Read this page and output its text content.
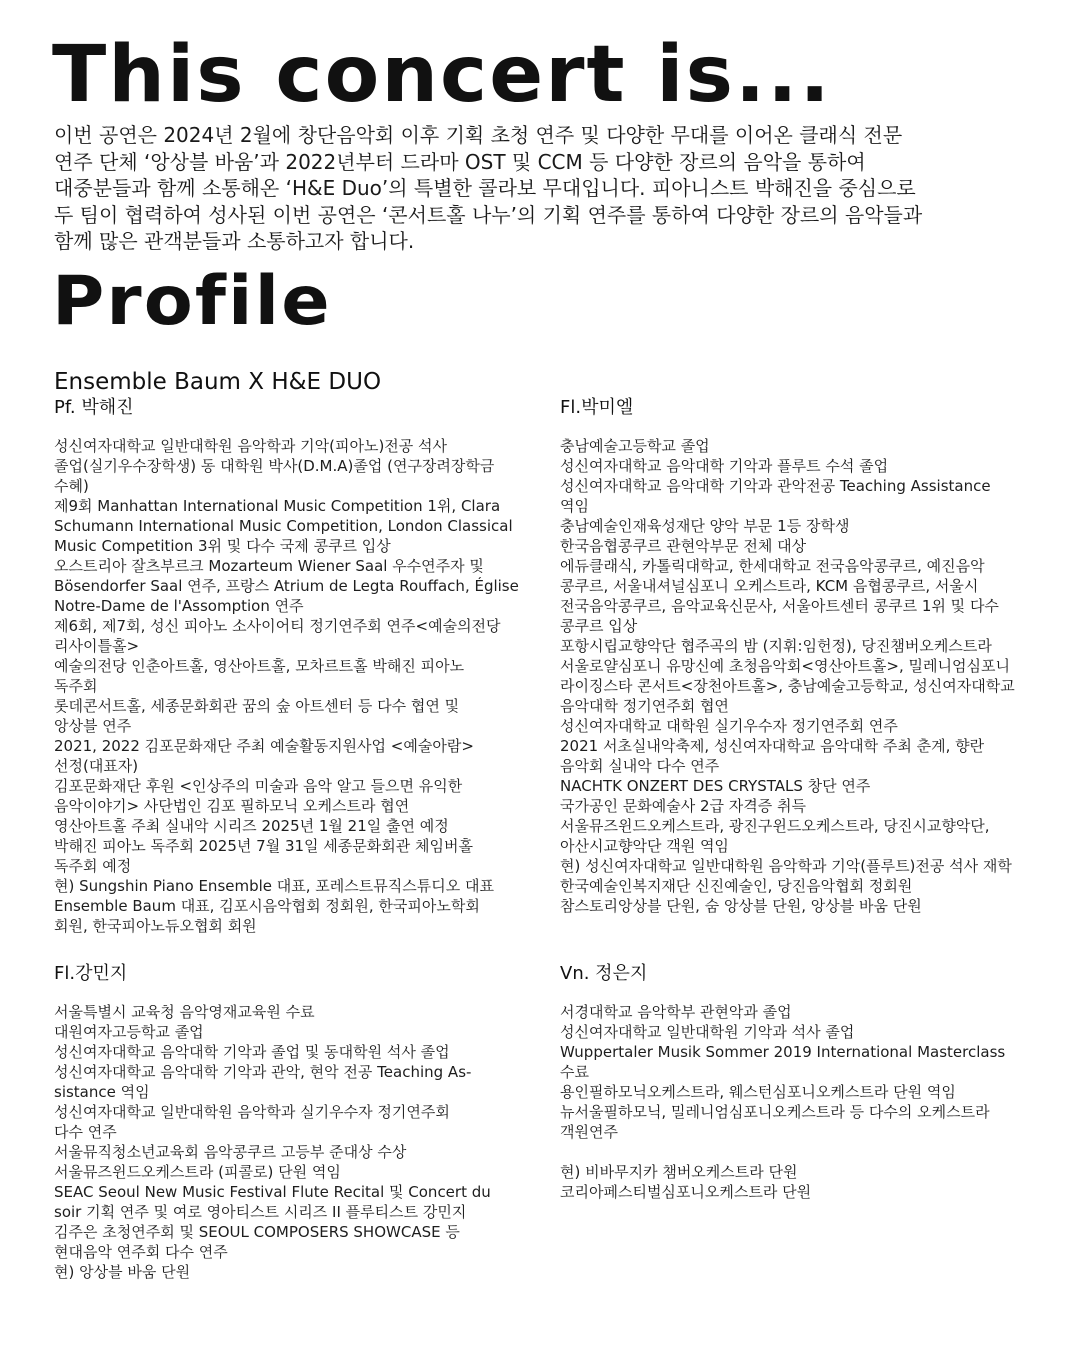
This concert is...
이번 공연은 2024년 2월에 창단음악회 이후 기획 초청 연주 및 다양한 무대를 이어온 클래식 전문
연주 단체 ‘앙상블 바움’과 2022년부터 드라마 OST 및 CCM 등 다양한 장르의 음악을 통하여
대중분들과 함께 소통해온 ‘H&E Duo’의 특별한 콜라보 무대입니다. 피아니스트 박해진을 중심으로
두 팀이 협력하여 성사된 이번 공연은 ‘콘서트홀 나누’의 기획 연주를 통하여 다양한 장르의 음악들과
함께 많은 관객분들과 소통하고자 합니다.
Profile
Ensemble Baum X H&E DUO
Pf. 박해진
성신여자대학교 일반대학원 음악학과 기악(피아노)전공 석사
졸업(실기우수장학생) 동 대학원 박사(D.M.A)졸업 (연구장려장학금
수혜)
제9회 Manhattan International Music Competition 1위, Clara
Schumann International Music Competition, London Classical
Music Competition 3위 및 다수 국제 콩쿠르 입상
오스트리아 잘츠부르크 Mozarteum Wiener Saal 우수연주자 및
Bösendorfer Saal 연주, 프랑스 Atrium de Legta Rouffach, Église
Notre-Dame de l'Assomption 연주
제6회, 제7회, 성신 피아노 소사이어티 정기연주회 연주<예술의전당
리사이틀홀>
예술의전당 인춘아트홀, 영산아트홀, 모차르트홀 박해진 피아노
독주회
롯데콘서트홀, 세종문화회관 꿈의 숲 아트센터 등 다수 협연 및
앙상블 연주
2021, 2022 김포문화재단 주최 예술활동지원사업 <예술아람>
선정(대표자)
김포문화재단 후원 <인상주의 미술과 음악 알고 들으면 유익한
음악이야기> 사단법인 김포 필하모닉 오케스트라 협연
영산아트홀 주최 실내악 시리즈 2025년 1월 21일 출연 예정
박해진 피아노 독주회 2025년 7월 31일 세종문화회관 체임버홀
독주회 예정
현) Sungshin Piano Ensemble 대표, 포레스트뮤직스튜디오 대표
Ensemble Baum 대표, 김포시음악협회 정회원, 한국피아노학회
회원, 한국피아노듀오협회 회원
Fl.박미엘
충남예술고등학교 졸업
성신여자대학교 음악대학 기악과 플루트 수석 졸업
성신여자대학교 음악대학 기악과 관악전공 Teaching Assistance
역임
충남예술인재육성재단 양악 부문 1등 장학생
한국음협콩쿠르 관현악부문 전체 대상
에듀클래식, 카톨릭대학교, 한세대학교 전국음악콩쿠르, 예진음악
콩쿠르, 서울내셔널심포니 오케스트라, KCM 음협콩쿠르, 서울시
전국음악콩쿠르, 음악교육신문사, 서울아트센터 콩쿠르 1위 및 다수
콩쿠르 입상
포항시립교향악단 협주곡의 밤 (지휘:임헌정), 당진챔버오케스트라
서울로얄심포니 유망신예 초청음악회<영산아트홀>, 밀레니엄심포니
라이징스타 콘서트<장천아트홀>, 충남예술고등학교, 성신여자대학교
음악대학 정기연주회 협연
성신여자대학교 대학원 실기우수자 정기연주회 연주
2021 서초실내악축제, 성신여자대학교 음악대학 주최 춘계, 향란
음악회 실내악 다수 연주
NACHTK ONZERT DES CRYSTALS 창단 연주
국가공인 문화예술사 2급 자격증 취득
서울뮤즈윈드오케스트라, 광진구윈드오케스트라, 당진시교향악단,
아산시교향악단 객원 역임
현) 성신여자대학교 일반대학원 음악학과 기악(플루트)전공 석사 재학
한국예술인복지재단 신진예술인, 당진음악협회 정회원
참스토리앙상블 단원, 숨 앙상블 단원, 앙상블 바움 단원
Fl.강민지
서울특별시 교육청 음악영재교육원 수료
대원여자고등학교 졸업
성신여자대학교 음악대학 기악과 졸업 및 동대학원 석사 졸업
성신여자대학교 음악대학 기악과 관악, 현악 전공 Teaching As-
sistance 역임
성신여자대학교 일반대학원 음악학과 실기우수자 정기연주회
다수 연주
서울뮤직청소년교육회 음악콩쿠르 고등부 준대상 수상
서울뮤즈윈드오케스트라 (피콜로) 단원 역임
SEAC Seoul New Music Festival Flute Recital 및 Concert du
soir 기획 연주 및 여로 영아티스트 시리즈 II 플루티스트 강민지
김주은 초청연주회 및 SEOUL COMPOSERS SHOWCASE 등
현대음악 연주회 다수 연주
현) 앙상블 바움 단원
Vn. 정은지
서경대학교 음악학부 관현악과 졸업
성신여자대학교 일반대학원 기악과 석사 졸업
Wuppertaler Musik Sommer 2019 International Masterclass
수료
용인필하모닉오케스트라, 웨스턴심포니오케스트라 단원 역임
뉴서울필하모닉, 밀레니엄심포니오케스트라 등 다수의 오케스트라
객원연주
현) 비바무지카 챔버오케스트라 단원
코리아페스티벌심포니오케스트라 단원
